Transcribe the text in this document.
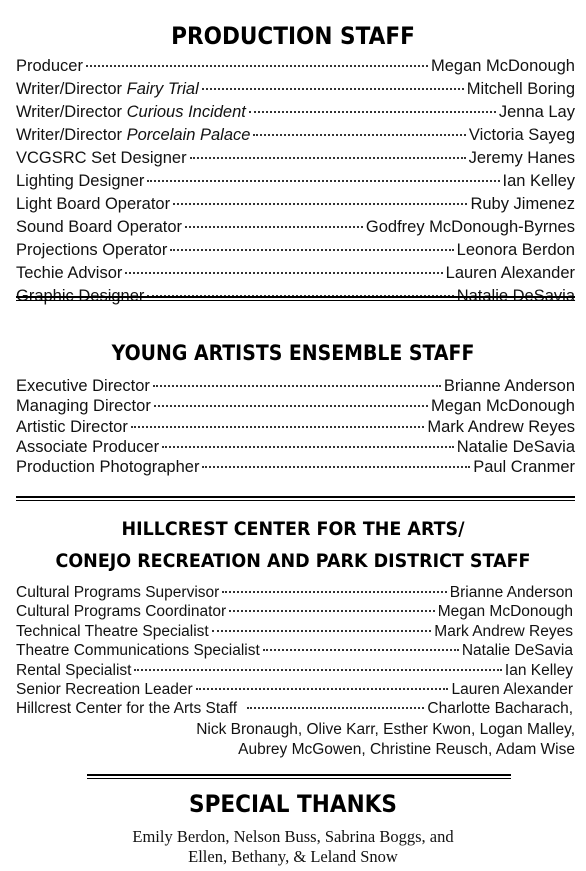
PRODUCTION STAFF
Producer	Megan McDonough
Writer/Director Fairy Trial	Mitchell Boring
Writer/Director Curious Incident	Jenna Lay
Writer/Director Porcelain Palace	Victoria Sayeg
VCGSRC Set Designer	Jeremy Hanes
Lighting Designer	Ian Kelley
Light Board Operator	Ruby Jimenez
Sound Board Operator	Godfrey McDonough-Byrnes
Projections Operator	Leonora Berdon
Techie Advisor	Lauren Alexander
Graphic Designer	Natalie DeSavia
YOUNG ARTISTS ENSEMBLE STAFF
Executive Director	Brianne Anderson
Managing Director	Megan McDonough
Artistic Director	Mark Andrew Reyes
Associate Producer	Natalie DeSavia
Production Photographer	Paul Cranmer
HILLCREST CENTER FOR THE ARTS/
CONEJO RECREATION AND PARK DISTRICT STAFF
Cultural Programs Supervisor	Brianne Anderson
Cultural Programs Coordinator	Megan McDonough
Technical Theatre Specialist	Mark Andrew Reyes
Theatre Communications Specialist	Natalie DeSavia
Rental Specialist	Ian Kelley
Senior Recreation Leader	Lauren Alexander
Hillcrest Center for the Arts Staff	Charlotte Bacharach,
Nick Bronaugh, Olive Karr, Esther Kwon, Logan Malley,
Aubrey McGowen, Christine Reusch, Adam Wise
SPECIAL THANKS
Emily Berdon, Nelson Buss, Sabrina Boggs, and
Ellen, Bethany, & Leland Snow
